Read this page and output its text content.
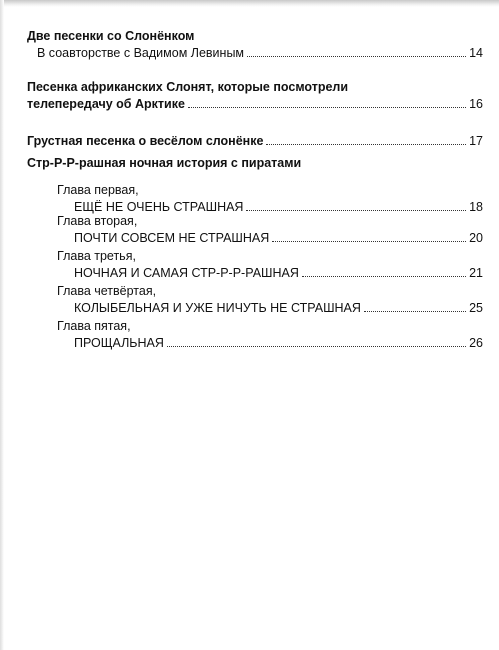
Две песенки со Слонёнком
В соавторстве с Вадимом Левиным	14
Песенка африканских Слонят, которые посмотрели
телепередачу об Арктике	16
Грустная песенка о весёлом слонёнке	17
Стр-Р-Р-рашная ночная история с пиратами
Глава первая,
ЕЩЁ НЕ ОЧЕНЬ СТРАШНАЯ	18
Глава вторая,
ПОЧТИ СОВСЕМ НЕ СТРАШНАЯ	20
Глава третья,
НОЧНАЯ И САМАЯ СТР-Р-Р-РАШНАЯ	21
Глава четвёртая,
КОЛЫБЕЛЬНАЯ И УЖЕ НИЧУТЬ НЕ СТРАШНАЯ	25
Глава пятая,
ПРОЩАЛЬНАЯ	26
